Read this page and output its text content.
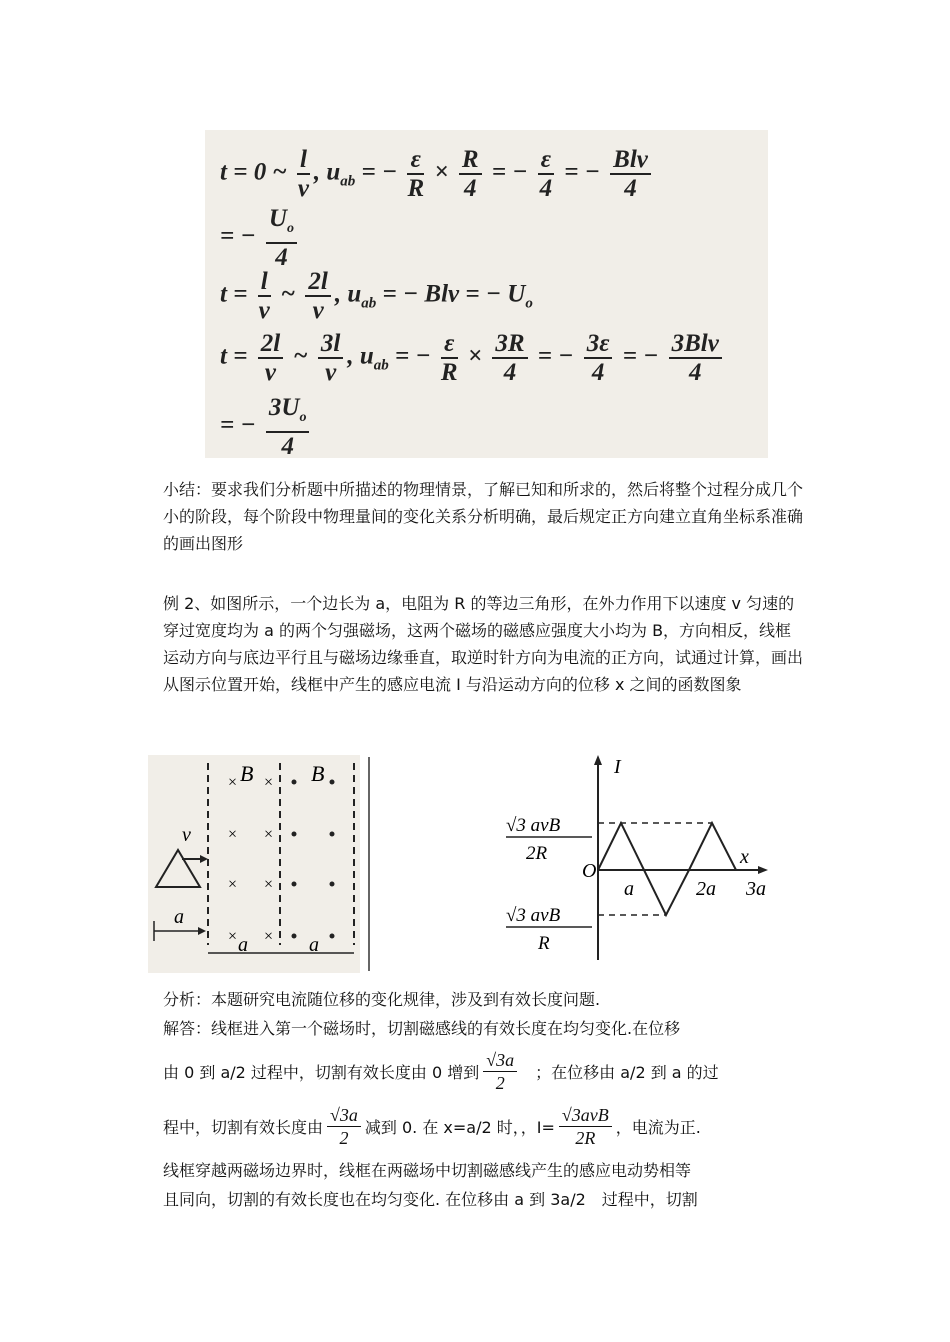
t = 0 ~ $\frac{l}{v}$ , $u_{ab}$ = − $\frac{\varepsilon}{R} \times \frac{R}{4}$ = − $\frac{\varepsilon}{4}$ = − $\frac{\text{Blv}}{4}$
= − $\frac{U_o}{4}$
$t = \frac{l}{v}$ ~ $\frac{2l}{v}$ , $u_{ab}$ = − Blv = − $U_o$
$t = \frac{2l}{v}$ ~ $\frac{3l}{v}$ , $u_{ab}$ = − $\frac{\varepsilon}{R} \times \frac{3R}{4}$ = − $\frac{3\varepsilon}{4}$ = − $\frac{\text{3Blv}}{4}$
= − $\frac{3U_o}{4}$
小结：要求我们分析题中所描述的物理情景，了解已知和所求的，然后将整个过程分成几个小的阶段，每个阶段中物理量间的变化关系分析明确，最后规定正方向建立直角坐标系准确的画出图形
例 2、如图所示，一个边长为 a，电阻为 R 的等边三角形，在外力作用下以速度 v 匀速的穿过宽度均为 a 的两个匀强磁场，这两个磁场的磁感应强度大小均为 B，方向相反，线框运动方向与底边平行且与磁场边缘垂直，取逆时针方向为电流的正方向，试通过计算，画出从图示位置开始，线框中产生的感应电流 I 与沿运动方向的位移 x 之间的函数图象
B	B
× ×
× ×
× ×
× ×
v
a
a	a
I
x
O
a	2a 3a
√3 avB
2R
√3 avB
R
分析：本题研究电流随位移的变化规律，涉及到有效长度问题.
解答：线框进入第一个磁场时，切割磁感线的有效长度在均匀变化.在位移
由 0 到 a/2 过程中，切割有效长度由 0 增到 $\frac{√3a}{2}$ ；在位移由 a/2 到 a 的过
程中，切割有效长度由 $\frac{√3a}{2}$ 减到 0. 在 x=a/2 时，，$I= \frac{\text{√3avB}}{2R}$ ，电流为正.
线框穿越两磁场边界时，线框在两磁场中切割磁感线产生的感应电动势相等
且同向，切割的有效长度也在均匀变化. 在位移由 a 到 3a/2　过程中，切割
